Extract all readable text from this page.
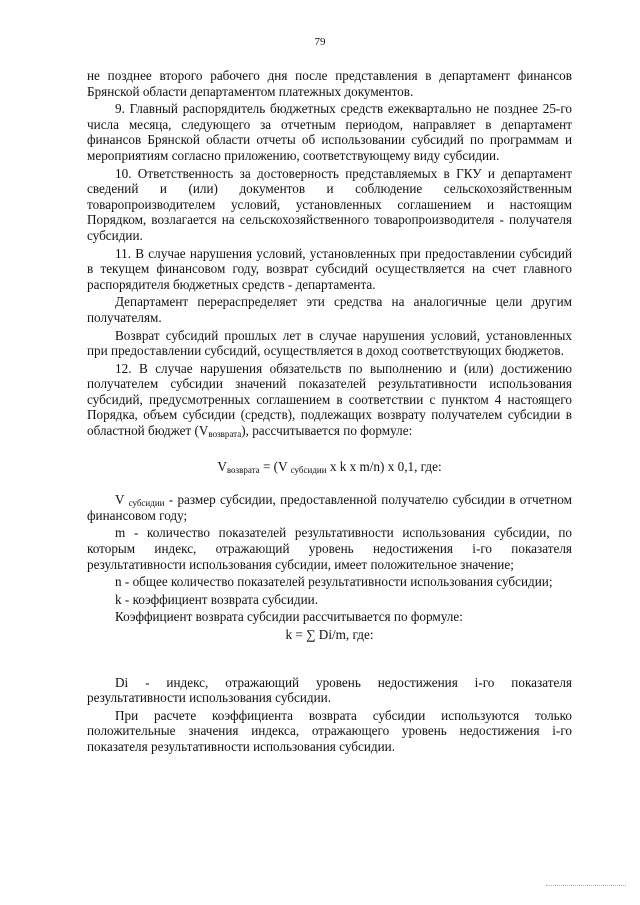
79

не позднее второго рабочего дня после представления в департамент финансов Брянской области департаментом платежных документов.

9. Главный распорядитель бюджетных средств ежеквартально не позднее 25-го числа месяца, следующего за отчетным периодом, направляет в департамент финансов Брянской области отчеты об использовании субсидий по программам и мероприятиям согласно приложению, соответствующему виду субсидии.

10. Ответственность за достоверность представляемых в ГКУ и департамент сведений и (или) документов и соблюдение сельскохозяйственным товаропроизводителем условий, установленных соглашением и настоящим Порядком, возлагается на сельскохозяйственного товаропроизводителя - получателя субсидии.

11. В случае нарушения условий, установленных при предоставлении субсидий в текущем финансовом году, возврат субсидий осуществляется на счет главного распорядителя бюджетных средств - департамента.

Департамент перераспределяет эти средства на аналогичные цели другим получателям.

Возврат субсидий прошлых лет в случае нарушения условий, установленных при предоставлении субсидий, осуществляется в доход соответствующих бюджетов.

12. В случае нарушения обязательств по выполнению и (или) достижению получателем субсидии значений показателей результативности использования субсидий, предусмотренных соглашением в соответствии с пунктом 4 настоящего Порядка, объем субсидии (средств), подлежащих возврату получателем субсидии в областной бюджет $(V_{возврата})$, рассчитывается по формуле:

$V_{возврата} = (V$ $_{субсидии}$ х k х m/n) х 0,1, где:

V $_{субсидии}$ - размер субсидии, предоставленной получателю субсидии в отчетном финансовом году;

m - количество показателей результативности использования субсидии, по которым индекс, отражающий уровень недостижения i-го показателя результативности использования субсидии, имеет положительное значение;

n - общее количество показателей результативности использования субсидии;

k - коэффициент возврата субсидии.

Коэффициент возврата субсидии рассчитывается по формуле:

k = ∑ Di/m, где:

Di - индекс, отражающий уровень недостижения i-го показателя результативности использования субсидии.

При расчете коэффициента возврата субсидии используются только положительные значения индекса, отражающего уровень недостижения i-го показателя результативности использования субсидии.
